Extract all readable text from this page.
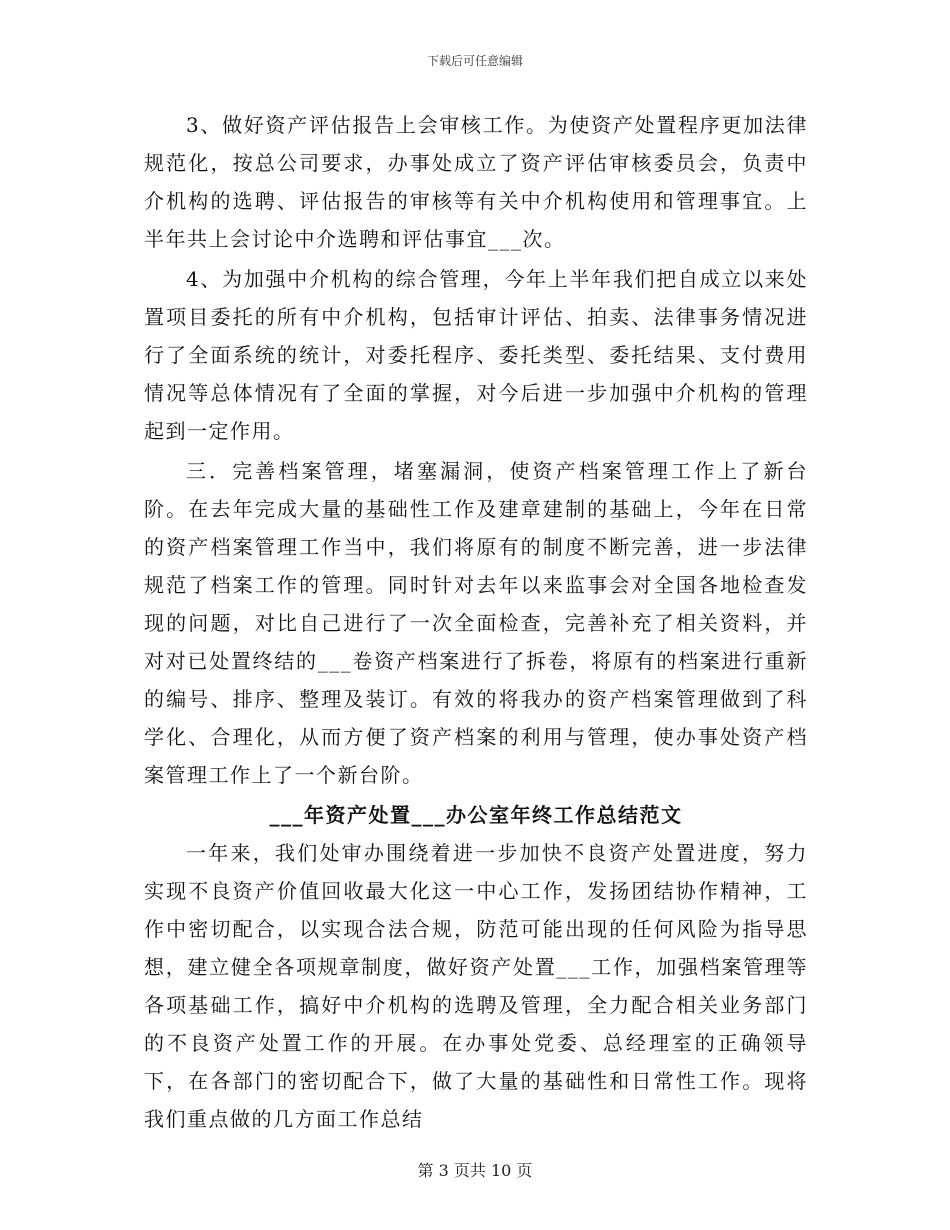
下载后可任意编辑

3、做好资产评估报告上会审核工作。为使资产处置程序更加法律规范化，按总公司要求，办事处成立了资产评估审核委员会，负责中介机构的选聘、评估报告的审核等有关中介机构使用和管理事宜。上半年共上会讨论中介选聘和评估事宜___次。

4、为加强中介机构的综合管理，今年上半年我们把自成立以来处置项目委托的所有中介机构，包括审计评估、拍卖、法律事务情况进行了全面系统的统计，对委托程序、委托类型、委托结果、支付费用情况等总体情况有了全面的掌握，对今后进一步加强中介机构的管理起到一定作用。

三．完善档案管理，堵塞漏洞，使资产档案管理工作上了新台阶。在去年完成大量的基础性工作及建章建制的基础上，今年在日常的资产档案管理工作当中，我们将原有的制度不断完善，进一步法律规范了档案工作的管理。同时针对去年以来监事会对全国各地检查发现的问题，对比自己进行了一次全面检查，完善补充了相关资料，并对对已处置终结的___卷资产档案进行了拆卷，将原有的档案进行重新的编号、排序、整理及装订。有效的将我办的资产档案管理做到了科学化、合理化，从而方便了资产档案的利用与管理，使办事处资产档案管理工作上了一个新台阶。

___年资产处置___办公室年终工作总结范文

一年来，我们处审办围绕着进一步加快不良资产处置进度，努力实现不良资产价值回收最大化这一中心工作，发扬团结协作精神，工作中密切配合，以实现合法合规，防范可能出现的任何风险为指导思想，建立健全各项规章制度，做好资产处置___工作，加强档案管理等各项基础工作，搞好中介机构的选聘及管理，全力配合相关业务部门的不良资产处置工作的开展。在办事处党委、总经理室的正确领导下，在各部门的密切配合下，做了大量的基础性和日常性工作。现将我们重点做的几方面工作总结

第 3 页共 10 页
